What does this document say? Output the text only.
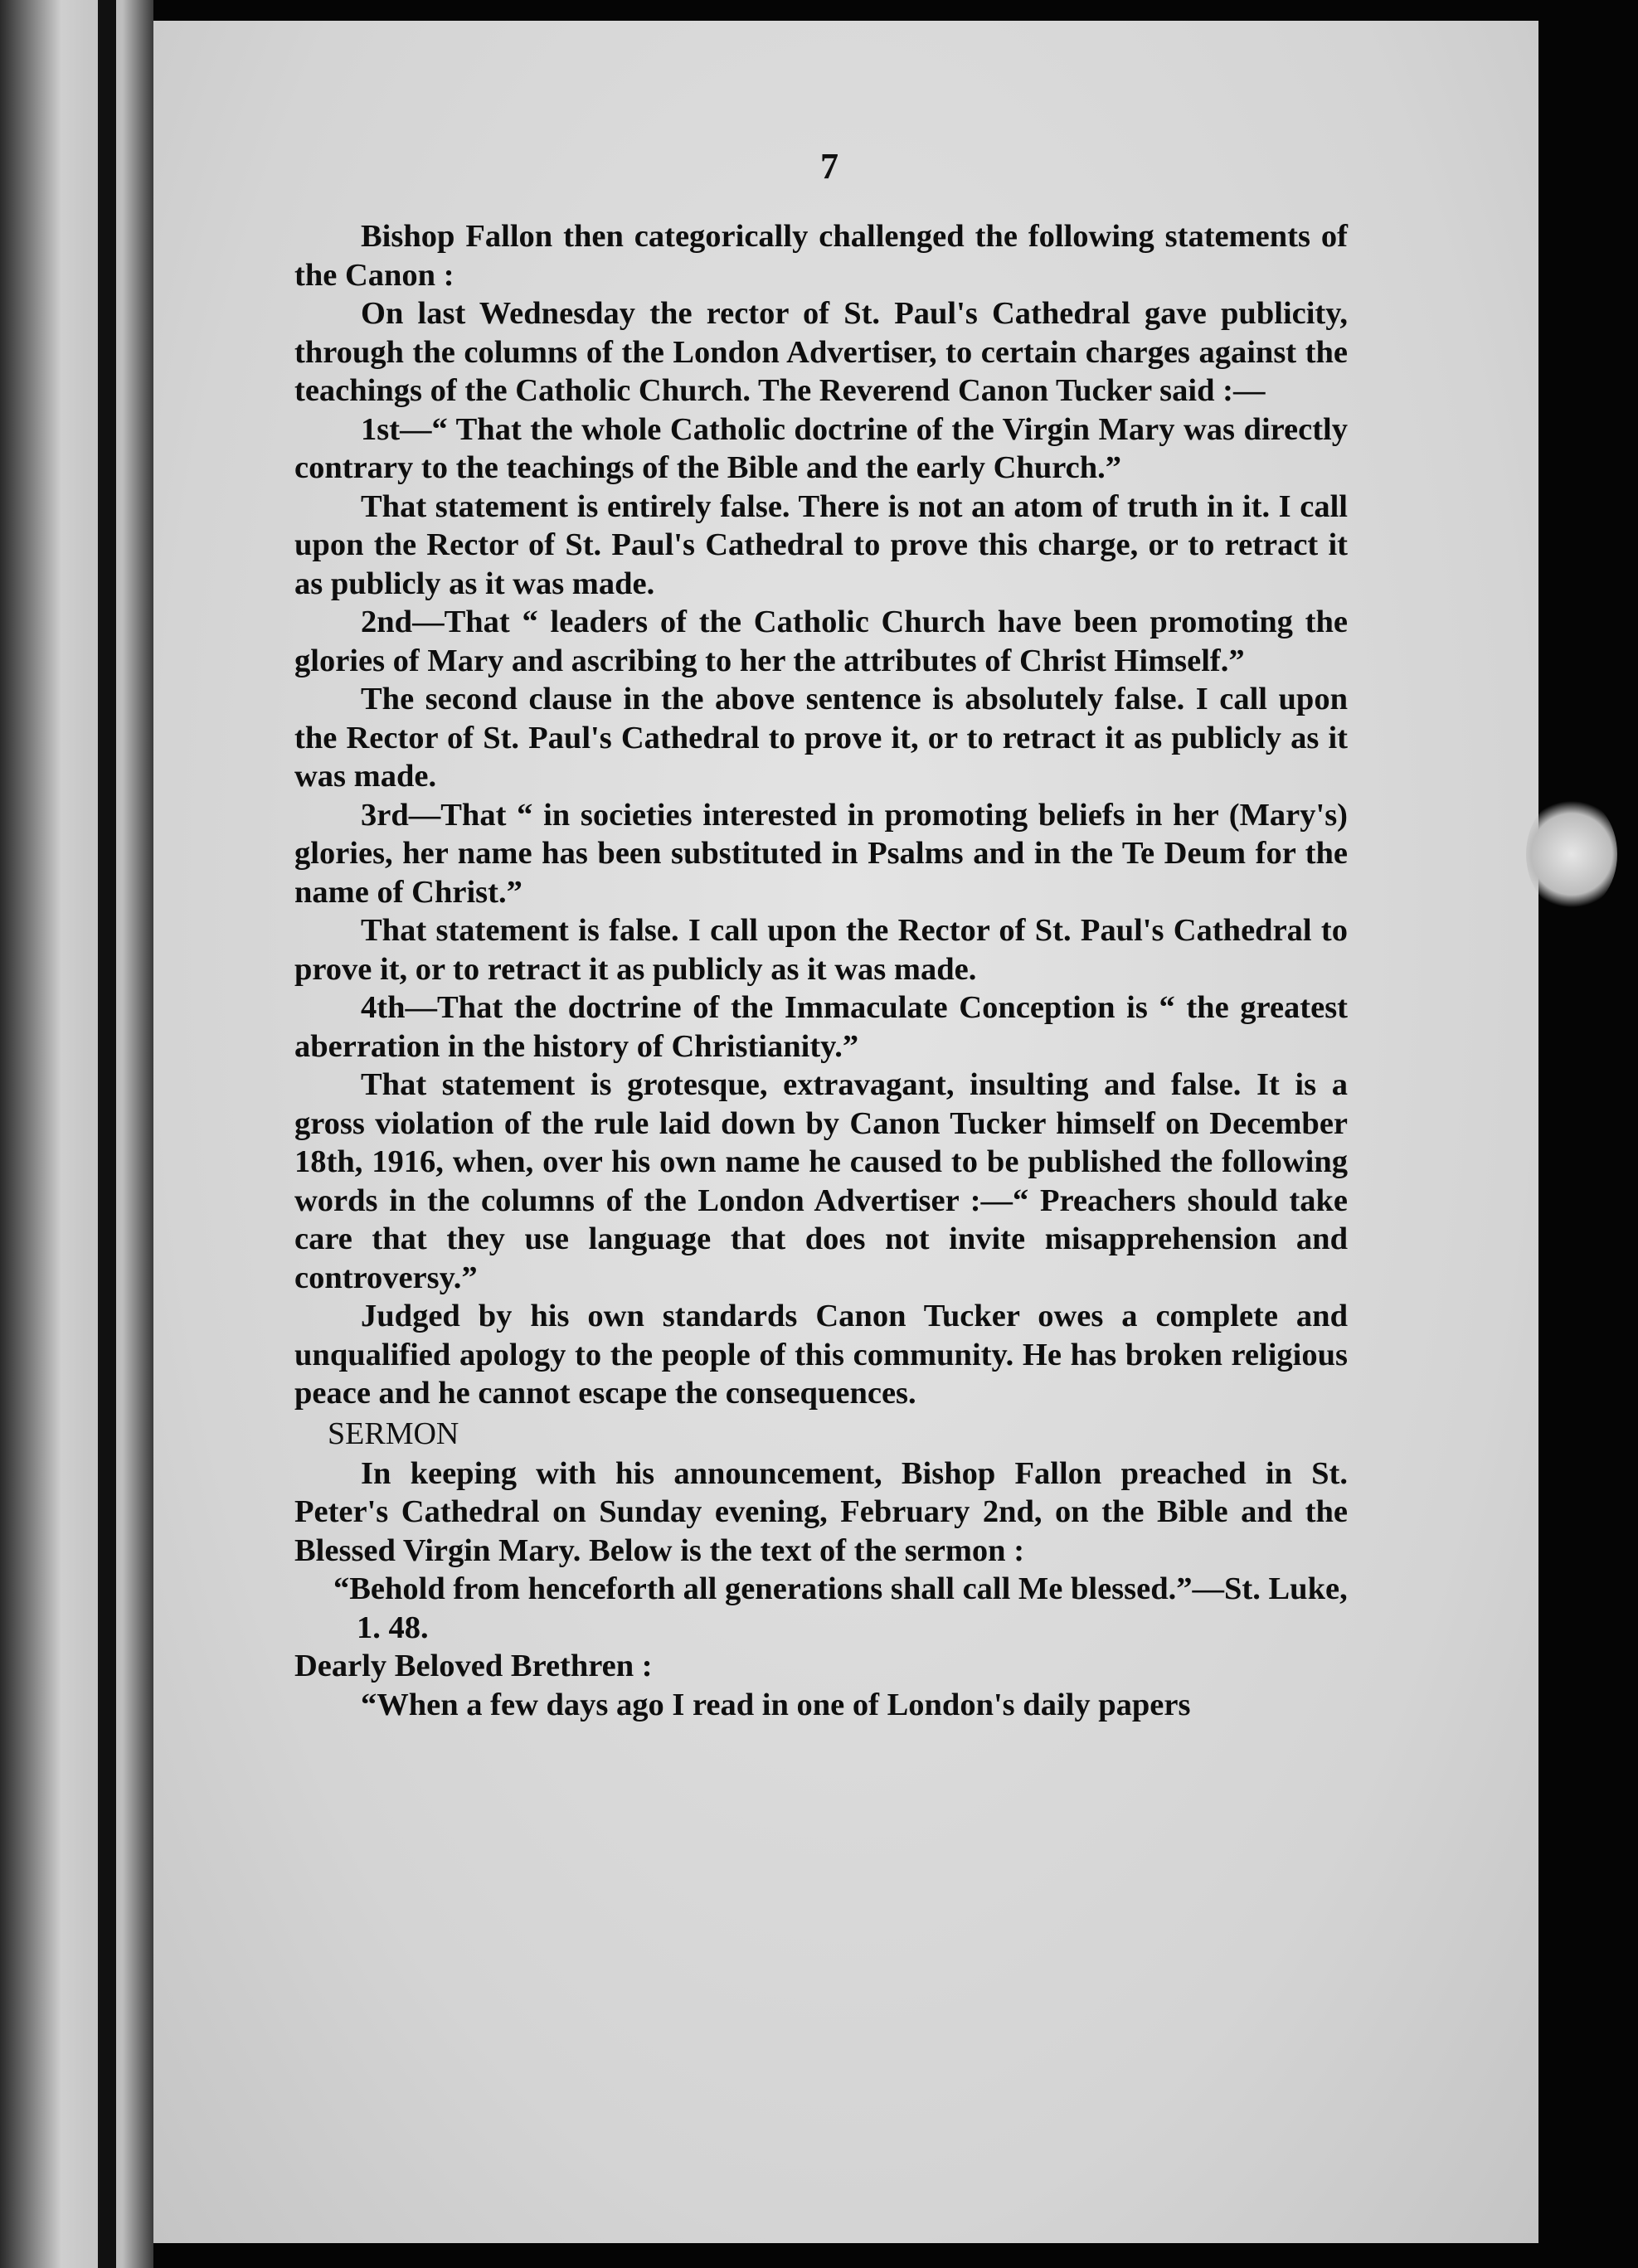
7

Bishop Fallon then categorically challenged the following statements of the Canon :

On last Wednesday the rector of St. Paul's Cathedral gave publicity, through the columns of the London Advertiser, to certain charges against the teachings of the Catholic Church. The Reverend Canon Tucker said :—

1st—“ That the whole Catholic doctrine of the Virgin Mary was directly contrary to the teachings of the Bible and the early Church.”

That statement is entirely false. There is not an atom of truth in it. I call upon the Rector of St. Paul's Cathedral to prove this charge, or to retract it as publicly as it was made.

2nd—That “ leaders of the Catholic Church have been promoting the glories of Mary and ascribing to her the attributes of Christ Himself.”

The second clause in the above sentence is absolutely false. I call upon the Rector of St. Paul's Cathedral to prove it, or to retract it as publicly as it was made.

3rd—That “ in societies interested in promoting beliefs in her (Mary's) glories, her name has been substituted in Psalms and in the Te Deum for the name of Christ.”

That statement is false. I call upon the Rector of St. Paul's Cathedral to prove it, or to retract it as publicly as it was made.

4th—That the doctrine of the Immaculate Conception is “ the greatest aberration in the history of Christianity.”

That statement is grotesque, extravagant, insulting and false. It is a gross violation of the rule laid down by Canon Tucker himself on December 18th, 1916, when, over his own name he caused to be published the following words in the columns of the London Advertiser :—“ Preachers should take care that they use language that does not invite misapprehension and controversy.”

Judged by his own standards Canon Tucker owes a complete and unqualified apology to the people of this community. He has broken religious peace and he cannot escape the consequences.

SERMON

In keeping with his announcement, Bishop Fallon preached in St. Peter's Cathedral on Sunday evening, February 2nd, on the Bible and the Blessed Virgin Mary. Below is the text of the sermon :

“Behold from henceforth all generations shall call Me blessed.”—St. Luke, 1. 48.

Dearly Beloved Brethren :

“When a few days ago I read in one of London's daily papers
